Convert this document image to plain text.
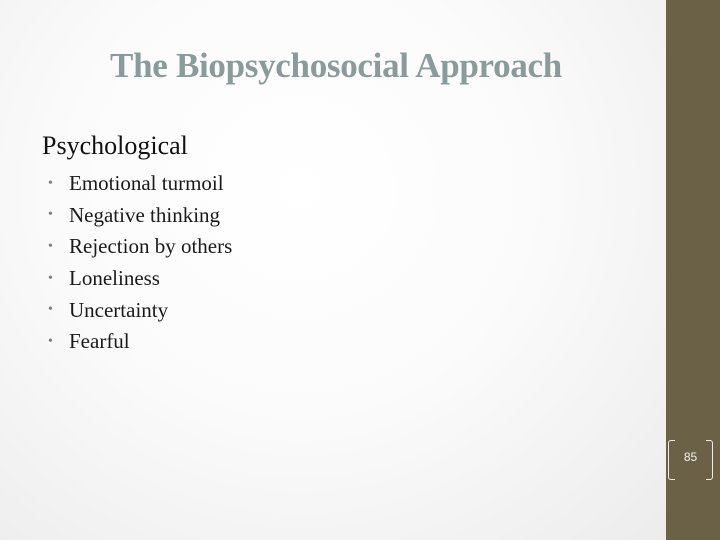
The Biopsychosocial Approach
Psychological
• Emotional turmoil
• Negative thinking
• Rejection by others
• Loneliness
• Uncertainty
• Fearful
85
